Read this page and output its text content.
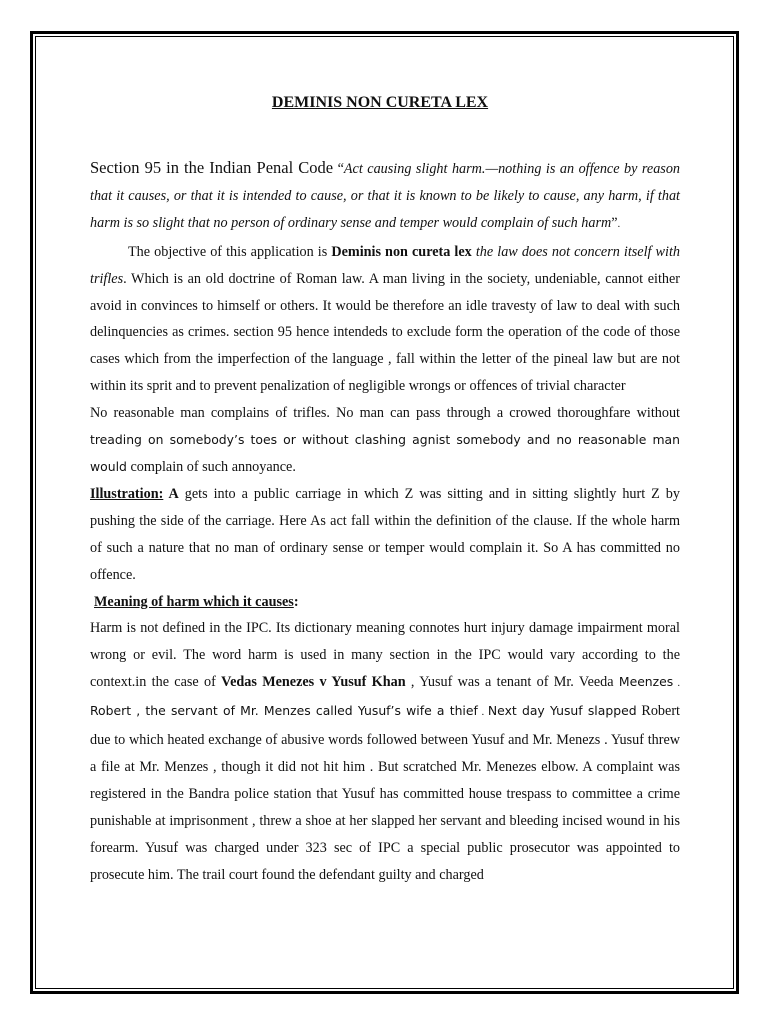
DEMINIS NON CURETA LEX

Section 95 in the Indian Penal Code “Act causing slight harm.—nothing is an offence by reason that it causes, or that it is intended to cause, or that it is known to be likely to cause, any harm, if that harm is so slight that no person of ordinary sense and temper would complain of such harm”.

The objective of this application is Deminis non cureta lex the law does not concern itself with trifles. Which is an old doctrine of Roman law. A man living in the society, undeniable, cannot either avoid in convinces to himself or others. It would be therefore an idle travesty of law to deal with such delinquencies as crimes. section 95 hence intendeds to exclude form the operation of the code of those cases which from the imperfection of the language , fall within the letter of the pineal law but are not within its sprit and to prevent penalization of negligible wrongs or offences of trivial character

No reasonable man complains of trifles. No man can pass through a crowed thoroughfare without treading on somebody’s toes or without clashing agnist somebody and no reasonable man would complain of such annoyance.

Illustration: A gets into a public carriage in which Z was sitting and in sitting slightly hurt Z by pushing the side of the carriage. Here As act fall within the definition of the clause. If the whole harm of such a nature that no man of ordinary sense or temper would complain it. So A has committed no offence.

Meaning of harm which it causes:

Harm is not defined in the IPC. Its dictionary meaning connotes hurt injury damage impairment moral wrong or evil. The word harm is used in many section in the IPC would vary according to the context.in the case of Vedas Menezes v Yusuf Khan , Yusuf was a tenant of Mr. Veeda Meenzes . Robert , the servant of Mr. Menzes called Yusuf’s wife a thief . Next day Yusuf slapped Robert due to which heated exchange of abusive words followed between Yusuf and Mr. Menezs . Yusuf threw a file at Mr. Menzes , though it did not hit him . But scratched Mr. Menezes elbow. A complaint was registered in the Bandra police station that Yusuf has committed house trespass to committee a crime punishable at imprisonment , threw a shoe at her slapped her servant and bleeding incised wound in his forearm. Yusuf was charged under 323 sec of IPC a special public prosecutor was appointed to prosecute him. The trail court found the defendant guilty and charged
